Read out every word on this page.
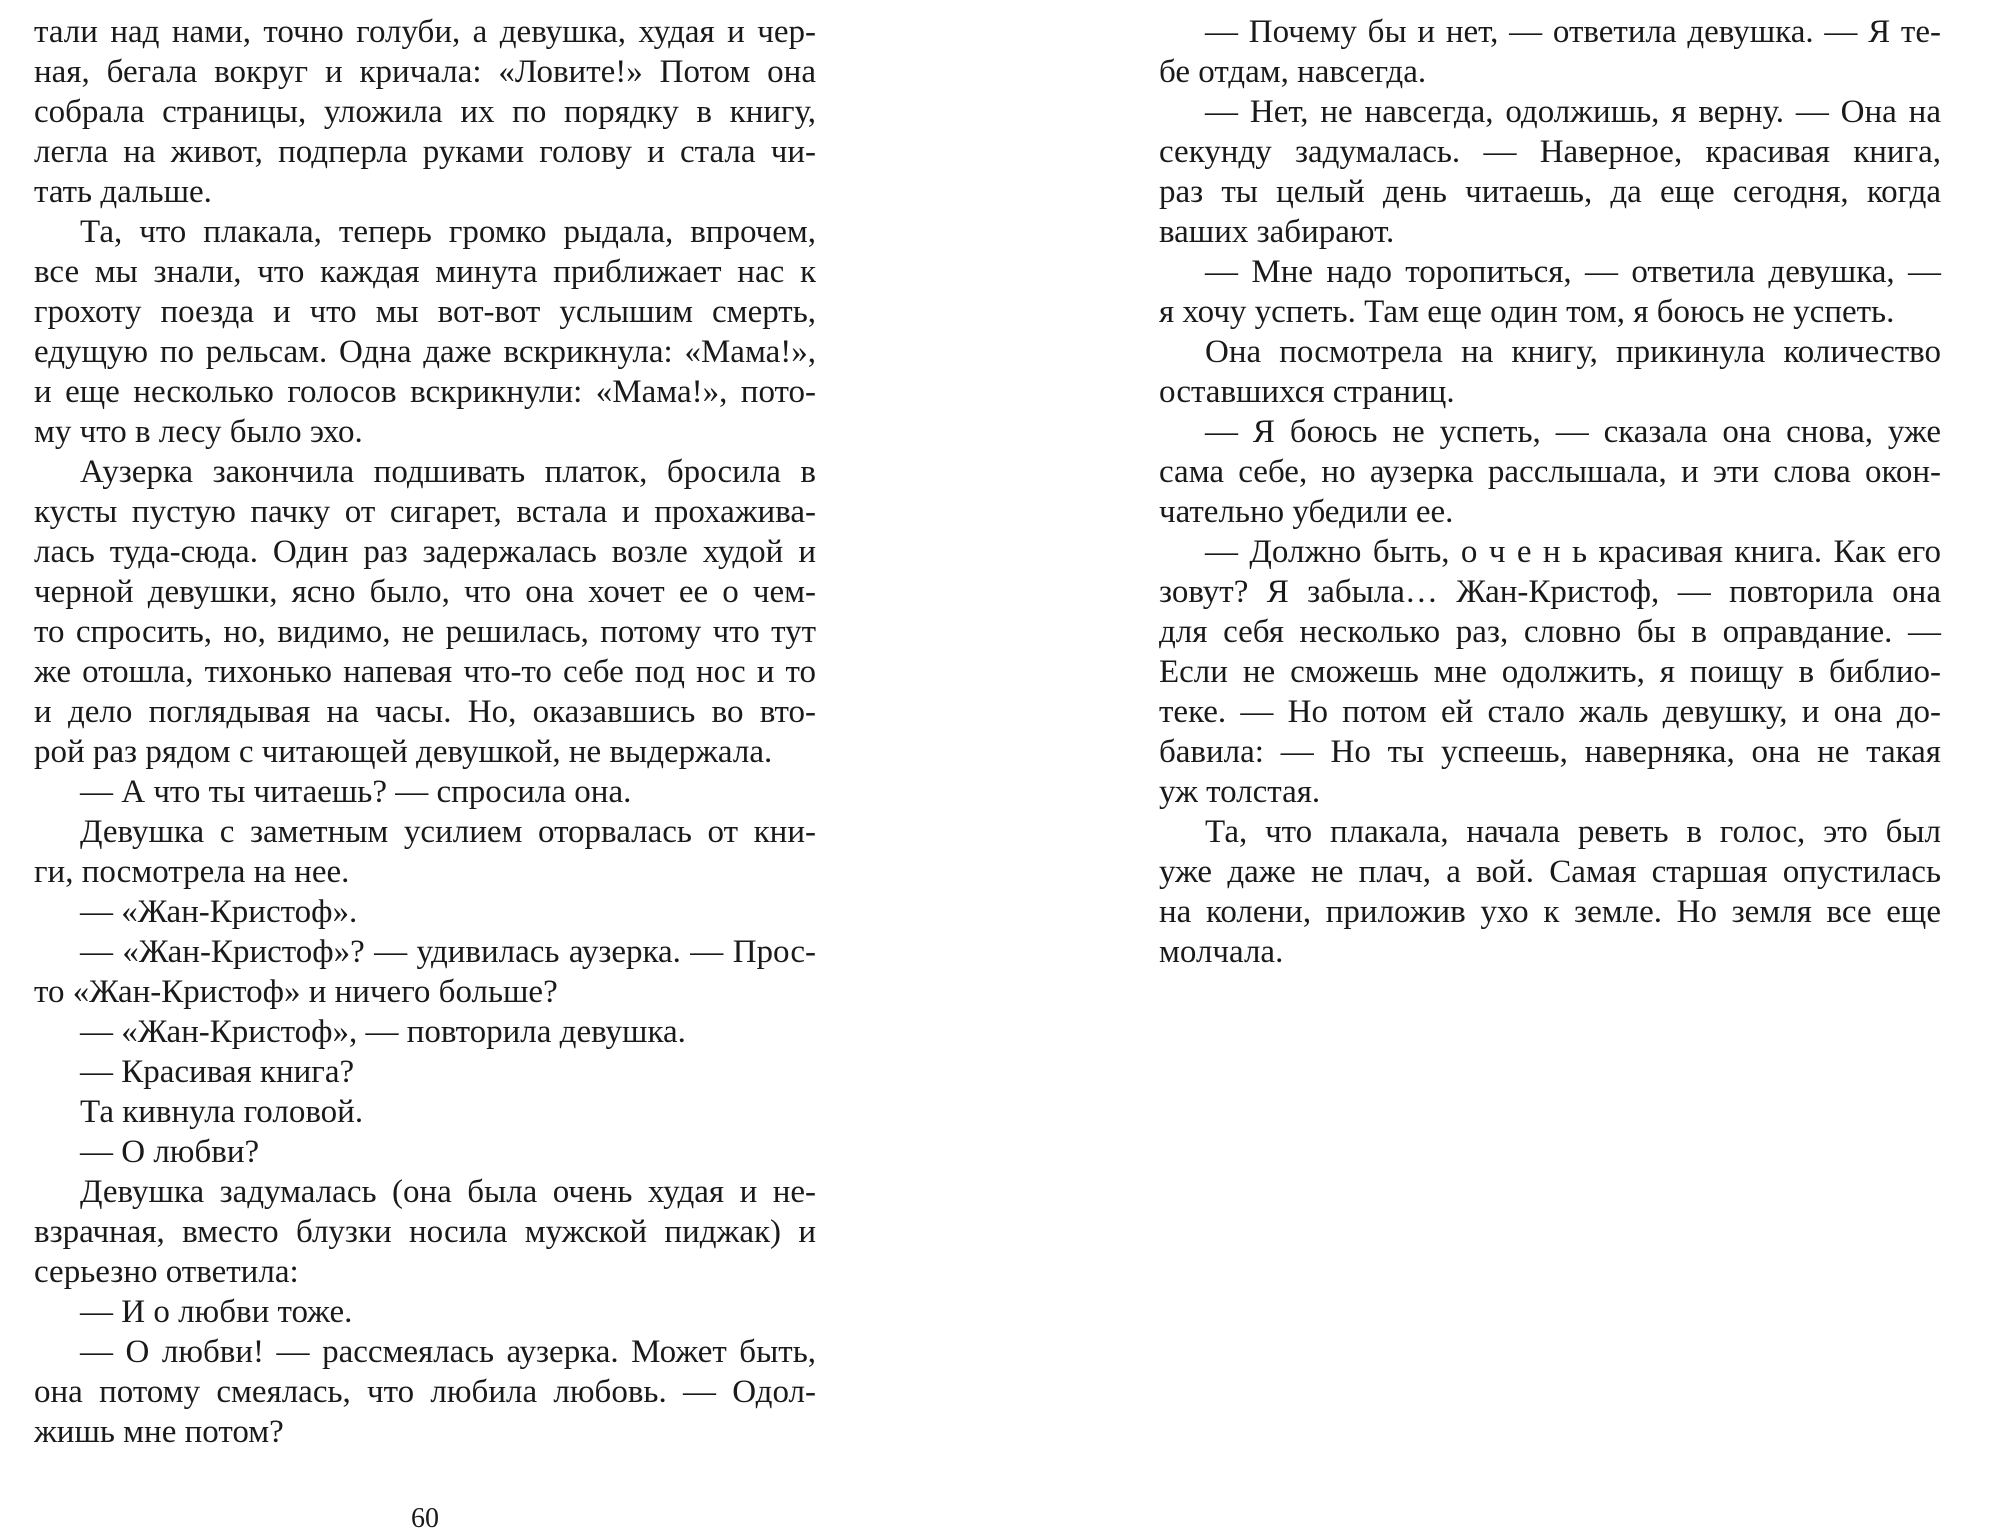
тали над нами, точно голуби, а девушка, худая и чер-
ная, бегала вокруг и кричала: «Ловите!» Потом она
собрала страницы, уложила их по порядку в книгу,
легла на живот, подперла руками голову и стала чи-
тать дальше.
Та, что плакала, теперь громко рыдала, впрочем,
все мы знали, что каждая минута приближает нас к
грохоту поезда и что мы вот-вот услышим смерть,
едущую по рельсам. Одна даже вскрикнула: «Мама!»,
и еще несколько голосов вскрикнули: «Мама!», пото-
му что в лесу было эхо.
Аузерка закончила подшивать платок, бросила в
кусты пустую пачку от сигарет, встала и прохажива-
лась туда-сюда. Один раз задержалась возле худой и
черной девушки, ясно было, что она хочет ее о чем-
то спросить, но, видимо, не решилась, потому что тут
же отошла, тихонько напевая что-то себе под нос и то
и дело поглядывая на часы. Но, оказавшись во вто-
рой раз рядом с читающей девушкой, не выдержала.
— А что ты читаешь? — спросила она.
Девушка с заметным усилием оторвалась от кни-
ги, посмотрела на нее.
— «Жан-Кристоф».
— «Жан-Кристоф»? — удивилась аузерка. — Прос-
то «Жан-Кристоф» и ничего больше?
— «Жан-Кристоф», — повторила девушка.
— Красивая книга?
Та кивнула головой.
— О любви?
Девушка задумалась (она была очень худая и не-
взрачная, вместо блузки носила мужской пиджак) и
серьезно ответила:
— И о любви тоже.
— О любви! — рассмеялась аузерка. Может быть,
она потому смеялась, что любила любовь. — Одол-
жишь мне потом?
— Почему бы и нет, — ответила девушка. — Я те-
бе отдам, навсегда.
— Нет, не навсегда, одолжишь, я верну. — Она на
секунду задумалась. — Наверное, красивая книга,
раз ты целый день читаешь, да еще сегодня, когда
ваших забирают.
— Мне надо торопиться, — ответила девушка, —
я хочу успеть. Там еще один том, я боюсь не успеть.
Она посмотрела на книгу, прикинула количество
оставшихся страниц.
— Я боюсь не успеть, — сказала она снова, уже
сама себе, но аузерка расслышала, и эти слова окон-
чательно убедили ее.
— Должно быть, о ч е н ь красивая книга. Как его
зовут? Я забыла… Жан-Кристоф, — повторила она
для себя несколько раз, словно бы в оправдание. —
Если не сможешь мне одолжить, я поищу в библио-
теке. — Но потом ей стало жаль девушку, и она до-
бавила: — Но ты успеешь, наверняка, она не такая
уж толстая.
Та, что плакала, начала реветь в голос, это был
уже даже не плач, а вой. Самая старшая опустилась
на колени, приложив ухо к земле. Но земля все еще
молчала.
60
